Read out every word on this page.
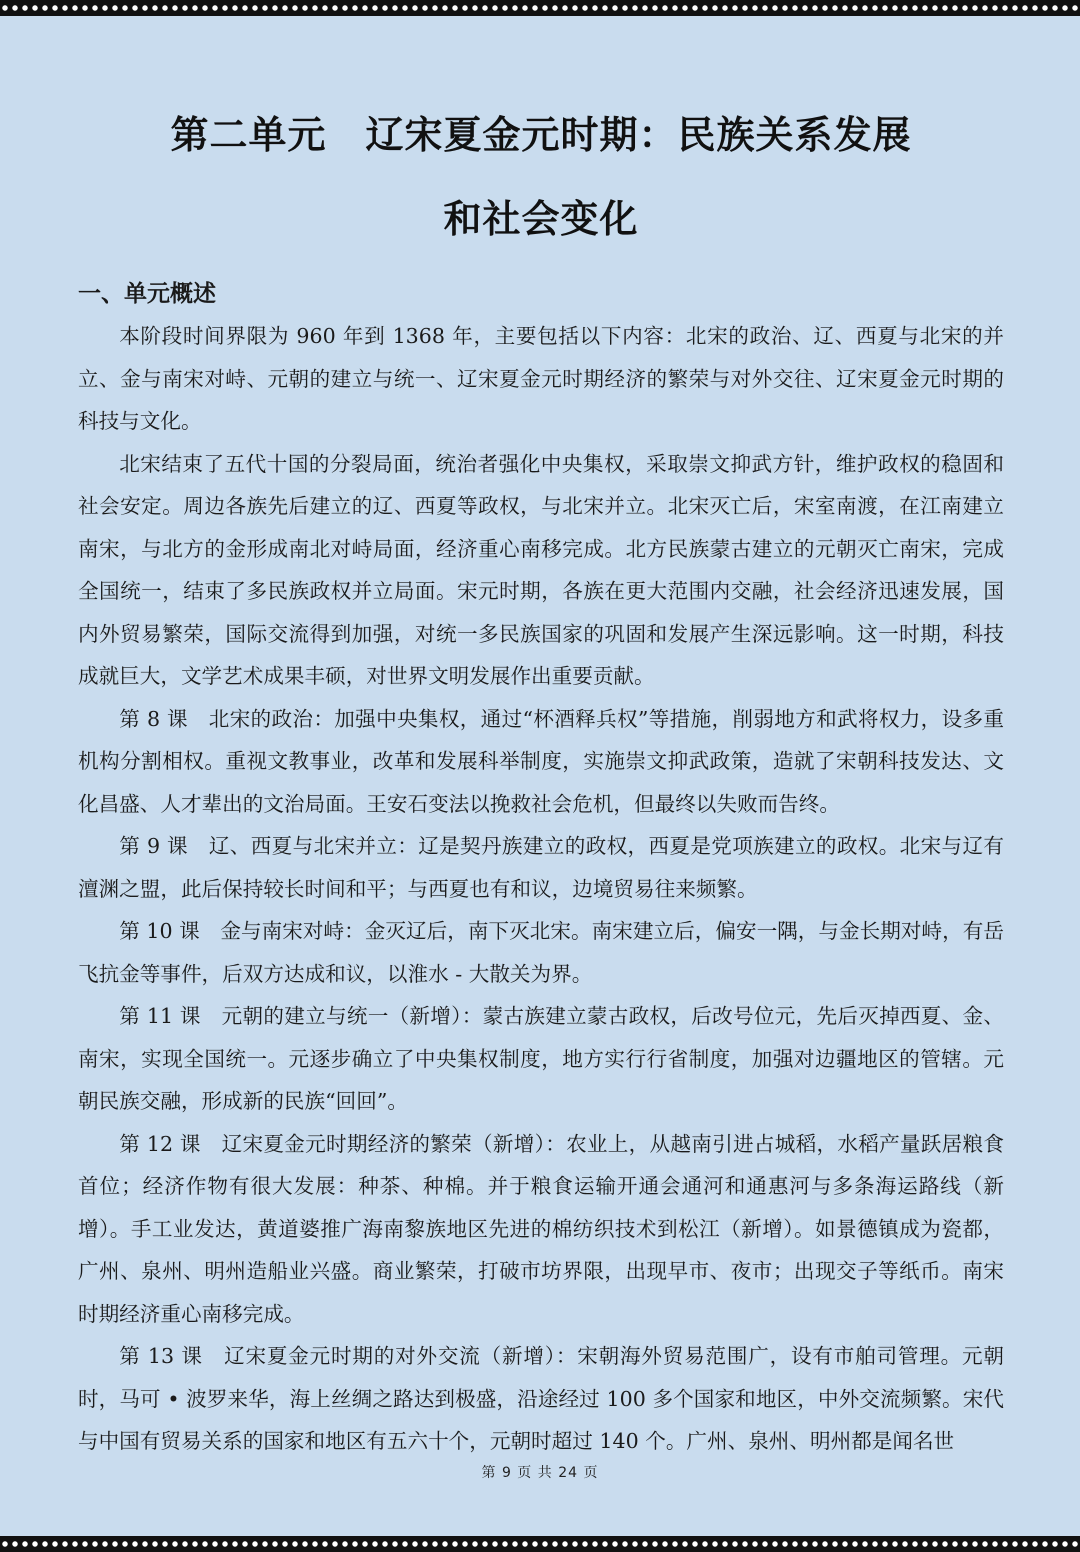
第二单元　辽宋夏金元时期：民族关系发展
和社会变化
一、单元概述

本阶段时间界限为 960 年到 1368 年，主要包括以下内容：北宋的政治、辽、西夏与北宋的并立、金与南宋对峙、元朝的建立与统一、辽宋夏金元时期经济的繁荣与对外交往、辽宋夏金元时期的科技与文化。

北宋结束了五代十国的分裂局面，统治者强化中央集权，采取崇文抑武方针，维护政权的稳固和社会安定。周边各族先后建立的辽、西夏等政权，与北宋并立。北宋灭亡后，宋室南渡，在江南建立南宋，与北方的金形成南北对峙局面，经济重心南移完成。北方民族蒙古建立的元朝灭亡南宋，完成全国统一，结束了多民族政权并立局面。宋元时期，各族在更大范围内交融，社会经济迅速发展，国内外贸易繁荣，国际交流得到加强，对统一多民族国家的巩固和发展产生深远影响。这一时期，科技成就巨大，文学艺术成果丰硕，对世界文明发展作出重要贡献。

第 8 课　北宋的政治：加强中央集权，通过“杯酒释兵权”等措施，削弱地方和武将权力，设多重机构分割相权。重视文教事业，改革和发展科举制度，实施崇文抑武政策，造就了宋朝科技发达、文化昌盛、人才辈出的文治局面。王安石变法以挽救社会危机，但最终以失败而告终。

第 9 课　辽、西夏与北宋并立：辽是契丹族建立的政权，西夏是党项族建立的政权。北宋与辽有澶渊之盟，此后保持较长时间和平；与西夏也有和议，边境贸易往来频繁。

第 10 课　金与南宋对峙：金灭辽后，南下灭北宋。南宋建立后，偏安一隅，与金长期对峙，有岳飞抗金等事件，后双方达成和议，以淮水 - 大散关为界。

第 11 课　元朝的建立与统一（新增）：蒙古族建立蒙古政权，后改号位元，先后灭掉西夏、金、南宋，实现全国统一。元逐步确立了中央集权制度，地方实行行省制度，加强对边疆地区的管辖。元朝民族交融，形成新的民族“回回”。

第 12 课　辽宋夏金元时期经济的繁荣（新增）：农业上，从越南引进占城稻，水稻产量跃居粮食首位；经济作物有很大发展：种茶、种棉。并于粮食运输开通会通河和通惠河与多条海运路线（新增）。手工业发达，黄道婆推广海南黎族地区先进的棉纺织技术到松江（新增）。如景德镇成为瓷都，广州、泉州、明州造船业兴盛。商业繁荣，打破市坊界限，出现早市、夜市；出现交子等纸币。南宋时期经济重心南移完成。

第 13 课　辽宋夏金元时期的对外交流（新增）：宋朝海外贸易范围广，设有市舶司管理。元朝时，马可 • 波罗来华，海上丝绸之路达到极盛，沿途经过 100 多个国家和地区，中外交流频繁。宋代与中国有贸易关系的国家和地区有五六十个，元朝时超过 140 个。广州、泉州、明州都是闻名世

第 9 页 共 24 页
